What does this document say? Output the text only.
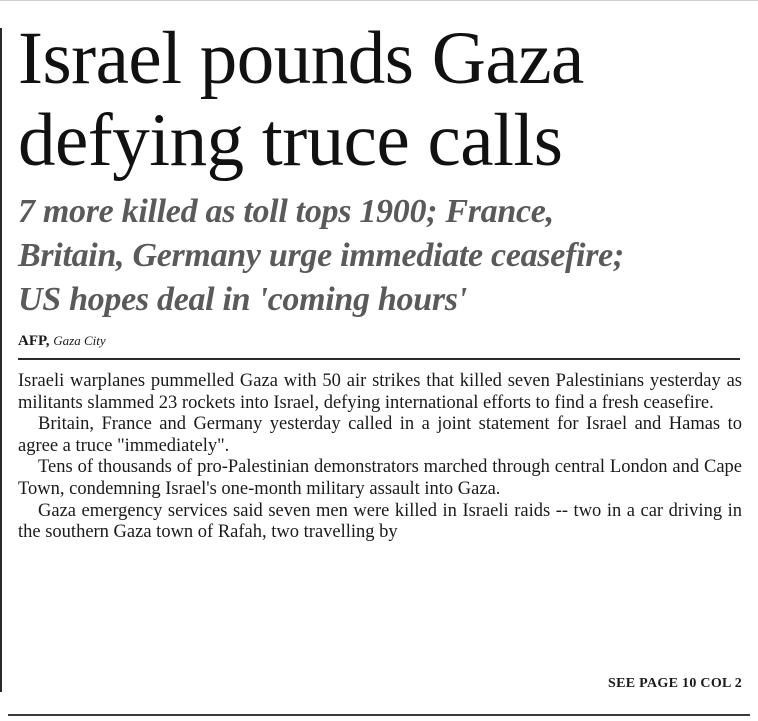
Israel pounds Gaza
defying truce calls
7 more killed as toll tops 1900; France,
Britain, Germany urge immediate ceasefire;
US hopes deal in 'coming hours'
AFP, Gaza City

Israeli warplanes pummelled Gaza with 50 air strikes that killed seven Palestinians yesterday as militants slammed 23 rockets into Israel, defying international efforts to find a fresh ceasefire.

Britain, France and Germany yesterday called in a joint statement for Israel and Hamas to agree a truce "immediately".

Tens of thousands of pro-Palestinian demonstrators marched through central London and Cape Town, condemning Israel's one-month military assault into Gaza.

Gaza emergency services said seven men were killed in Israeli raids -- two in a car driving in the southern Gaza town of Rafah, two travelling by

SEE PAGE 10 COL 2
